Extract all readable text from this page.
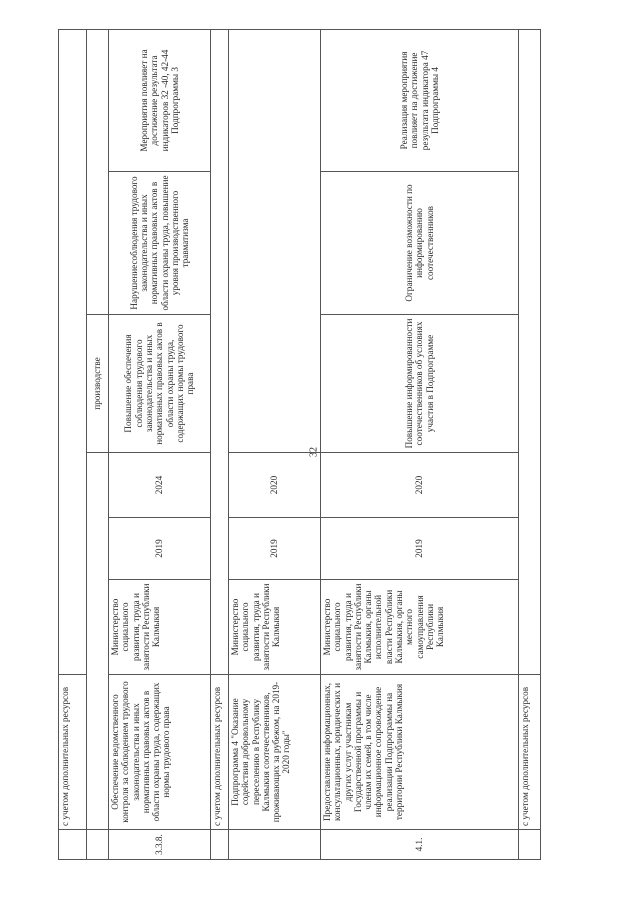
32
	с учетом дополнительных ресурсов						
					производстве		
3.3.8.	Обеспечение ведомственного контроля за соблюдением трудового законодательства и иных нормативных правовых актов в области охраны труда, содержащих нормы трудового права	Министерство социального развития, труда и занятости Республики Калмыкия	2019	2024	Повышение обеспечения соблюдения трудового законодательства и иных нормативных правовых актов в области охраны труда, содержащих нормы трудового права	Нарушениесоблюдения трудового законодательства и иных нормативных правовых актов в области охраны труда, повышение уровня производственного травматизма	Мероприятия повлияет на достижение результата индикаторов 32 -40, 42-44 Подпрограммы 3
	с учетом дополнительных ресурсов						
	Подпрограмма 4 "Оказание содействия добровольному переселению в Республику Калмыкия соотечественников, проживающих за рубежом, на 2019-2020 годы"	Министерство социального развития, труда и занятости Республики Калмыкия	2019	2020			
4.1.	Предоставление информационных, консультационных, юридических и других услуг участникам Государственной программы и членам их семей, в том числе информационное сопровождение реализации Подпрограммы на территории Республики Калмыкия	Министерство социального развития, труда и занятости Республики Калмыкия, органы исполнительной власти Республики Калмыкия, органы местного самоуправления Республики Калмыкия	2019	2020	Повышение информированности соотечественников об условиях участия в Подпрограмме	Ограничение возможности по информированию соотечественников	Реализация мероприятия повлияет на достижение результата индикатора 47 Подпрограммы 4
	с учетом дополнительных ресурсов						
